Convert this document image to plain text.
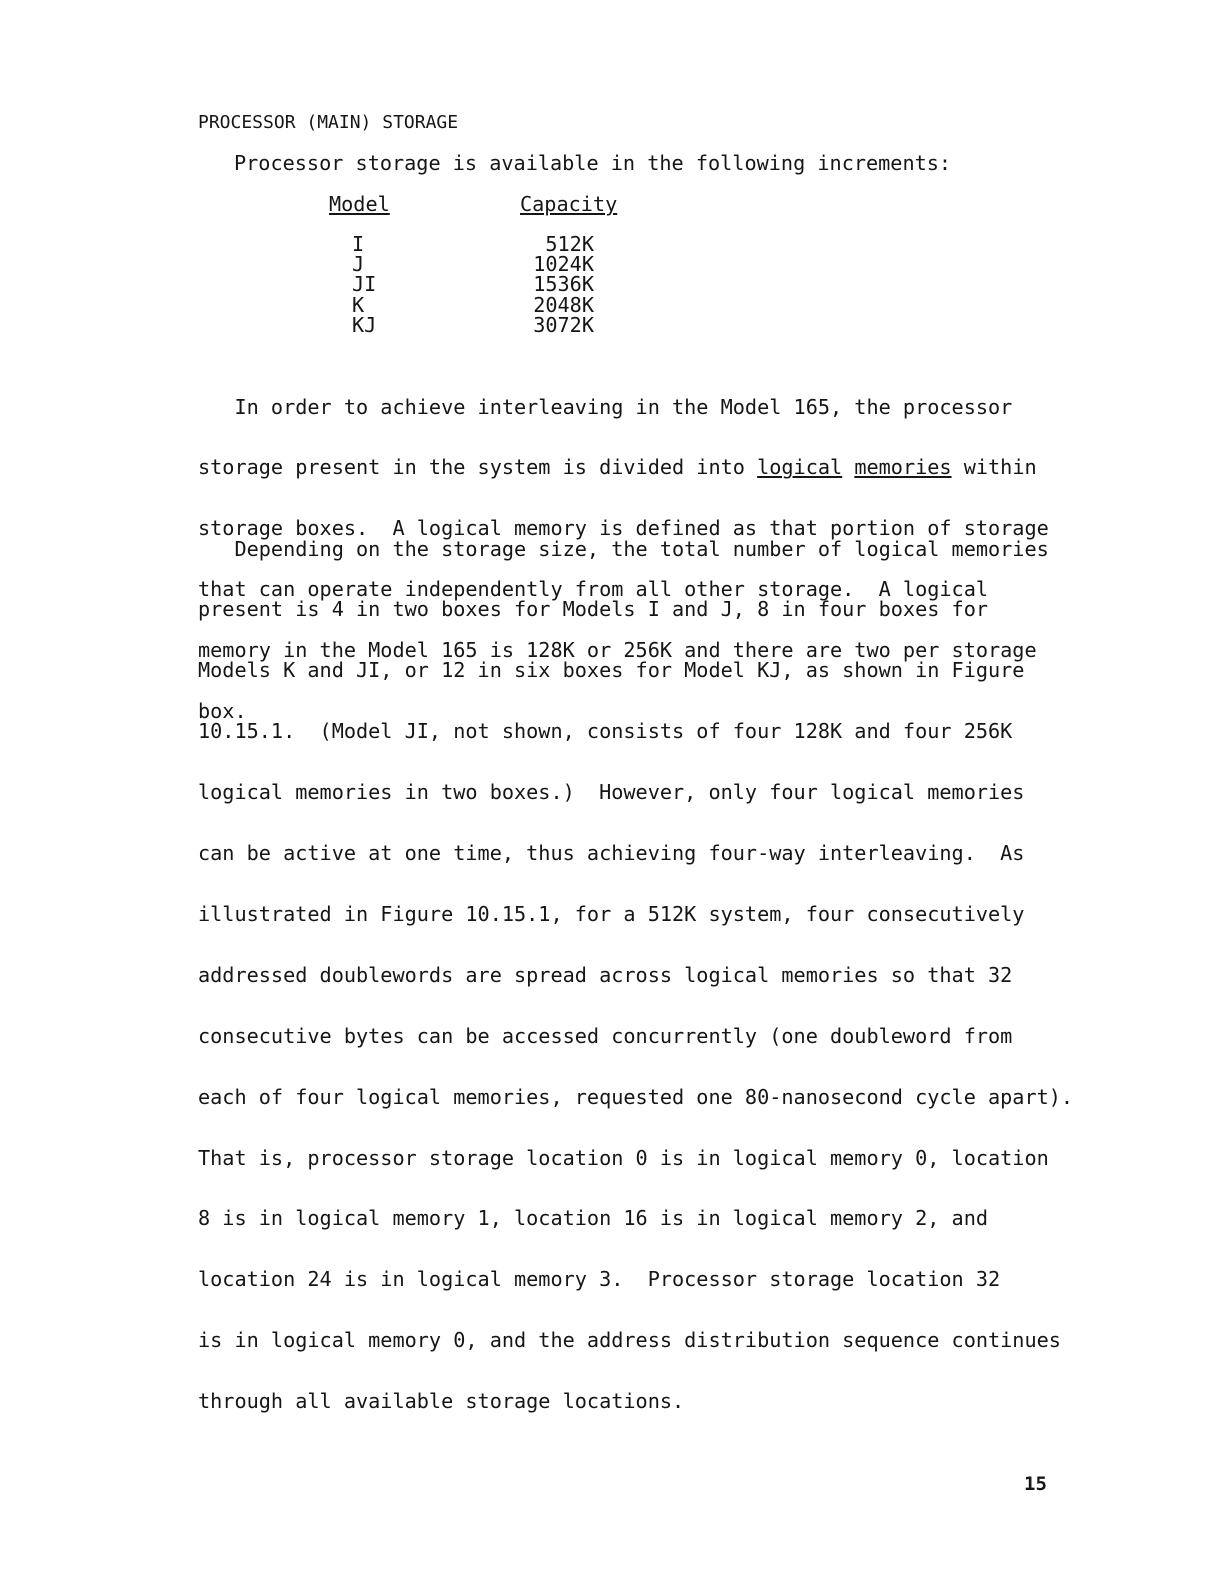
PROCESSOR (MAIN) STORAGE
Processor storage is available in the following increments:
Model	Capacity
I	512K
J	1024K
JI	1536K
K	2048K
KJ	3072K

In order to achieve interleaving in the Model 165, the processor

storage present in the system is divided into logical memories within

storage boxes.  A logical memory is defined as that portion of storage

that can operate independently from all other storage.  A logical

memory in the Model 165 is 128K or 256K and there are two per storage

box.

Depending on the storage size, the total number of logical memories

present is 4 in two boxes for Models I and J, 8 in four boxes for

Models K and JI, or 12 in six boxes for Model KJ, as shown in Figure

10.15.1.  (Model JI, not shown, consists of four 128K and four 256K

logical memories in two boxes.)  However, only four logical memories

can be active at one time, thus achieving four-way interleaving.  As

illustrated in Figure 10.15.1, for a 512K system, four consecutively

addressed doublewords are spread across logical memories so that 32

consecutive bytes can be accessed concurrently (one doubleword from

each of four logical memories, requested one 80-nanosecond cycle apart).

That is, processor storage location 0 is in logical memory 0, location

8 is in logical memory 1, location 16 is in logical memory 2, and

location 24 is in logical memory 3.  Processor storage location 32

is in logical memory 0, and the address distribution sequence continues

through all available storage locations.

15
